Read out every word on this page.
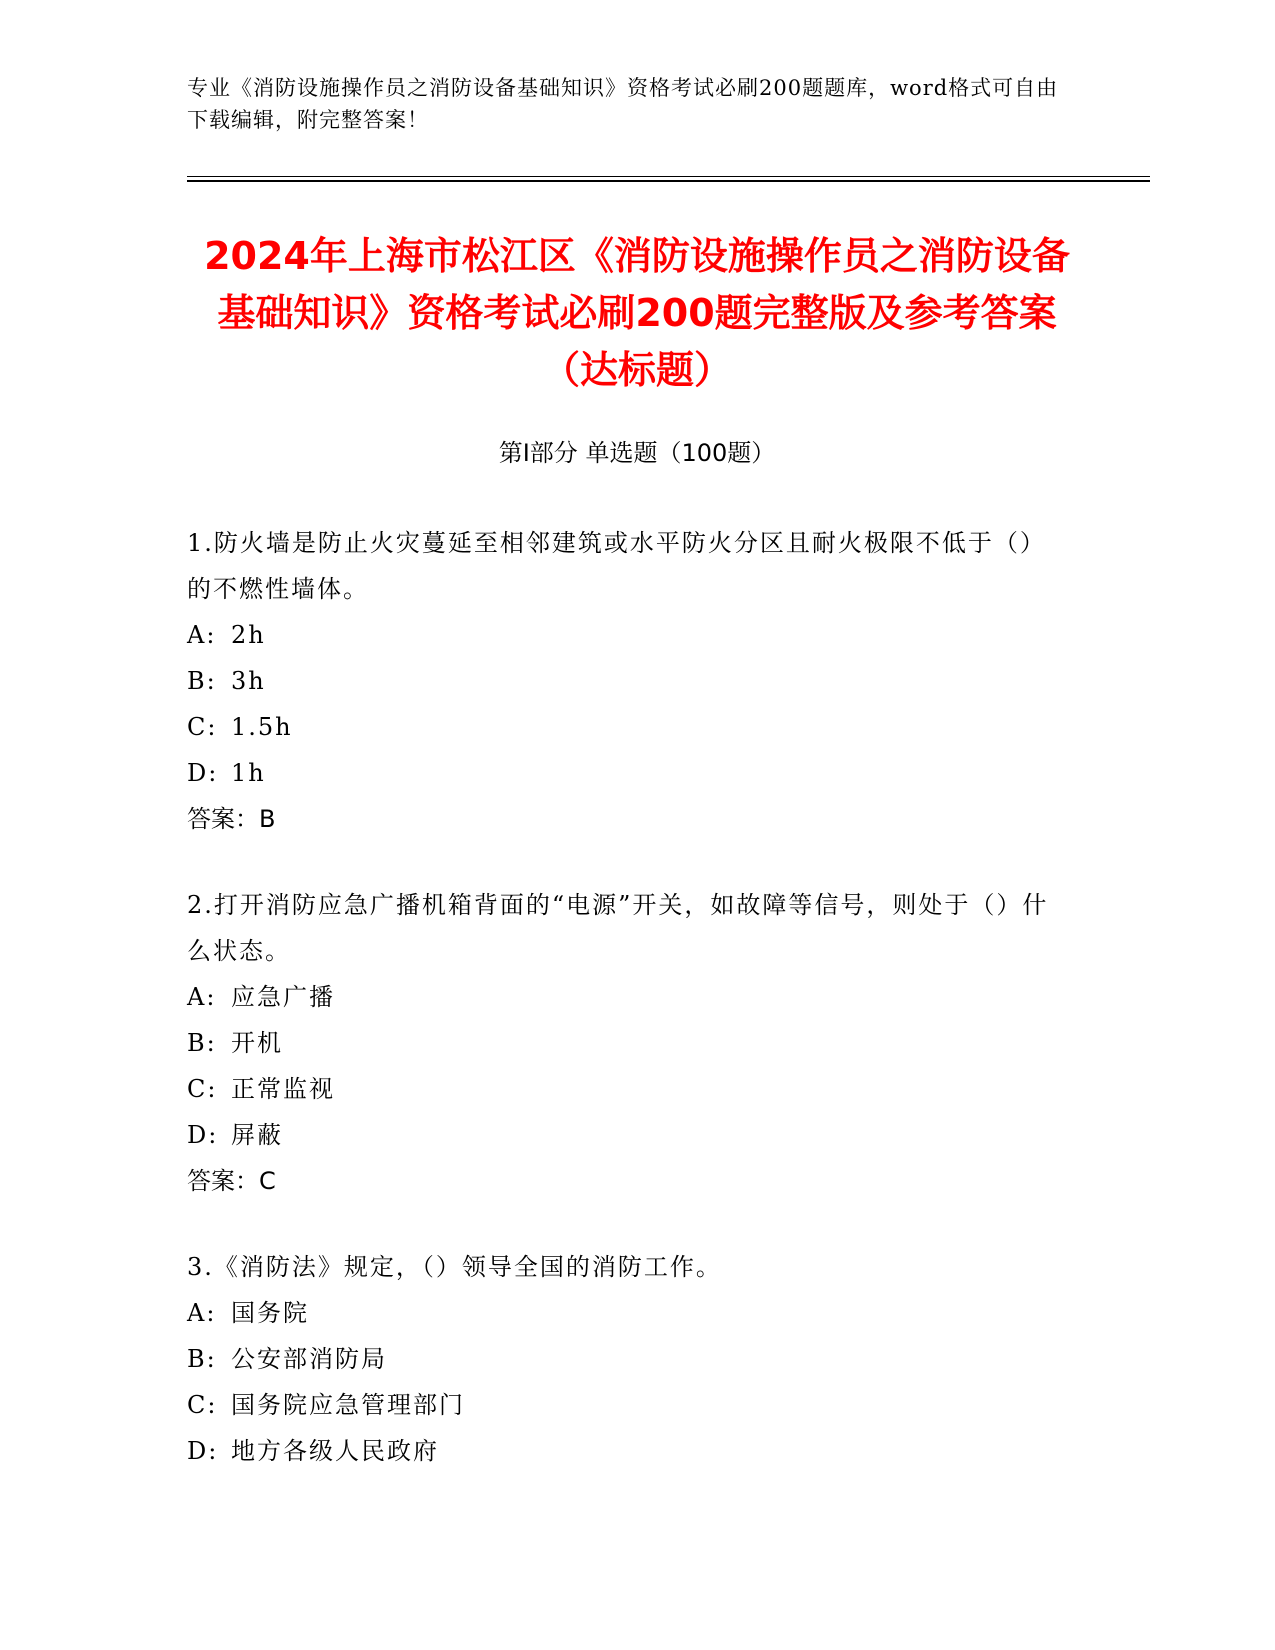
专业《消防设施操作员之消防设备基础知识》资格考试必刷200题题库，word格式可自由下载编辑，附完整答案！
2024年上海市松江区《消防设施操作员之消防设备基础知识》资格考试必刷200题完整版及参考答案（达标题）
第Ⅰ部分 单选题（100题）
1.防火墙是防止火灾蔓延至相邻建筑或水平防火分区且耐火极限不低于（）的不燃性墙体。
A: 2h
B: 3h
C: 1.5h
D: 1h
答案：B
2.打开消防应急广播机箱背面的“电源”开关，如故障等信号，则处于（）什么状态。
A: 应急广播
B: 开机
C: 正常监视
D: 屏蔽
答案：C
3.《消防法》规定，（）领导全国的消防工作。
A: 国务院
B: 公安部消防局
C: 国务院应急管理部门
D: 地方各级人民政府
